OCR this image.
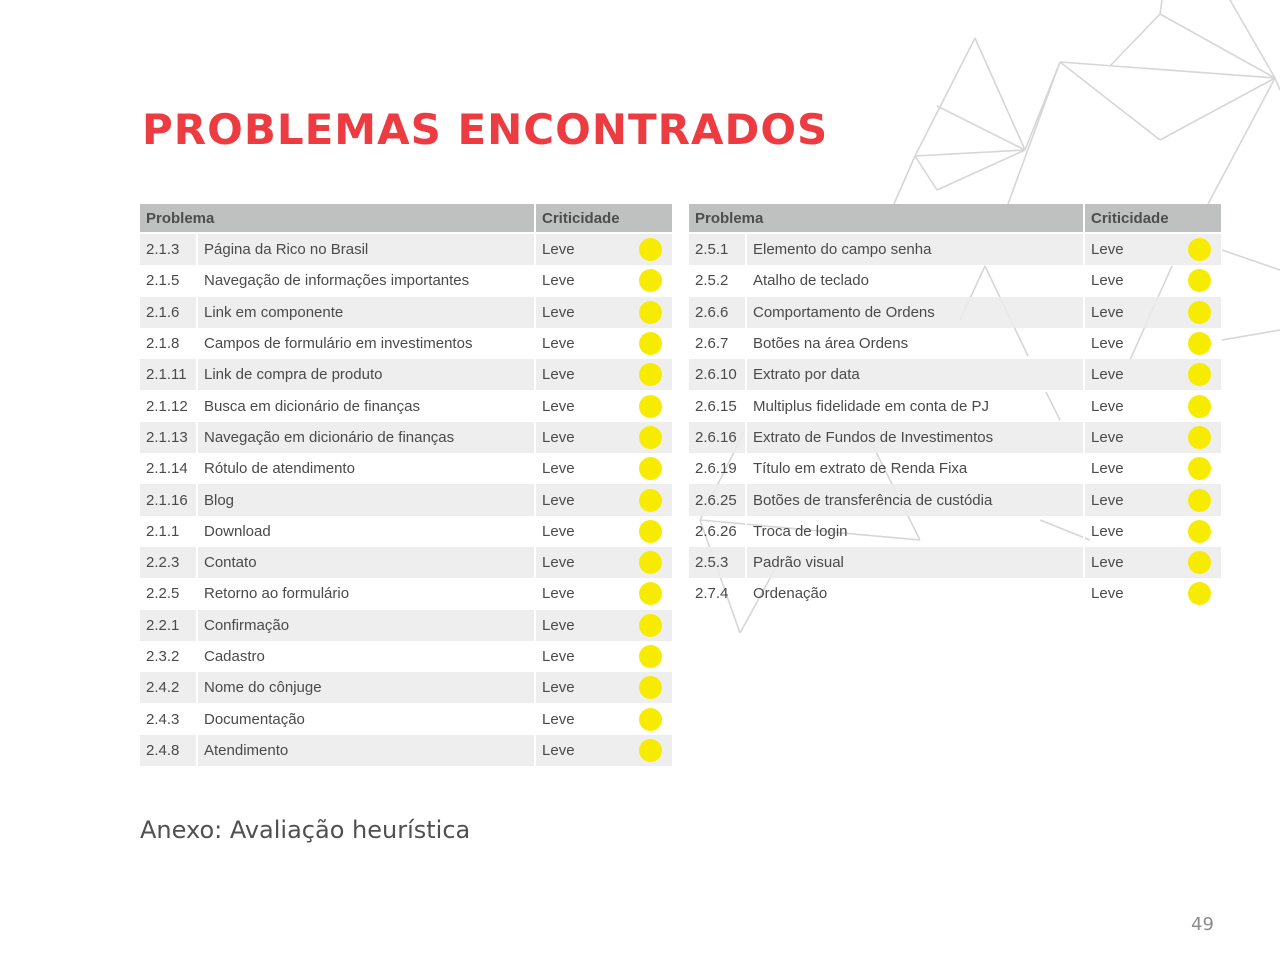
PROBLEMAS ENCONTRADOS
Problema		Criticidade
2.1.3	Página da Rico no Brasil	Leve

2.1.5	Navegação de informações importantes	Leve

2.1.6	Link em componente	Leve

2.1.8	Campos de formulário em investimentos	Leve

2.1.11	Link de compra de produto	Leve

2.1.12	Busca em dicionário de finanças	Leve

2.1.13	Navegação em dicionário de finanças	Leve

2.1.14	Rótulo de atendimento	Leve

2.1.16	Blog	Leve

2.1.1	Download	Leve

2.2.3	Contato	Leve

2.2.5	Retorno ao formulário	Leve

2.2.1	Confirmação	Leve

2.3.2	Cadastro	Leve

2.4.2	Nome do cônjuge	Leve

2.4.3	Documentação	Leve

2.4.8	Atendimento	Leve
Problema		Criticidade
2.5.1	Elemento do campo senha	Leve

2.5.2	Atalho de teclado	Leve

2.6.6	Comportamento de Ordens	Leve

2.6.7	Botões na área Ordens	Leve

2.6.10	Extrato por data	Leve

2.6.15	Multiplus fidelidade em conta de PJ	Leve

2.6.16	Extrato de Fundos de Investimentos	Leve

2.6.19	Título em extrato de Renda Fixa	Leve

2.6.25	Botões de transferência de custódia	Leve

2.6.26	Troca de login	Leve

2.5.3	Padrão visual	Leve

2.7.4	Ordenação	Leve

Anexo: Avaliação heurística

49
